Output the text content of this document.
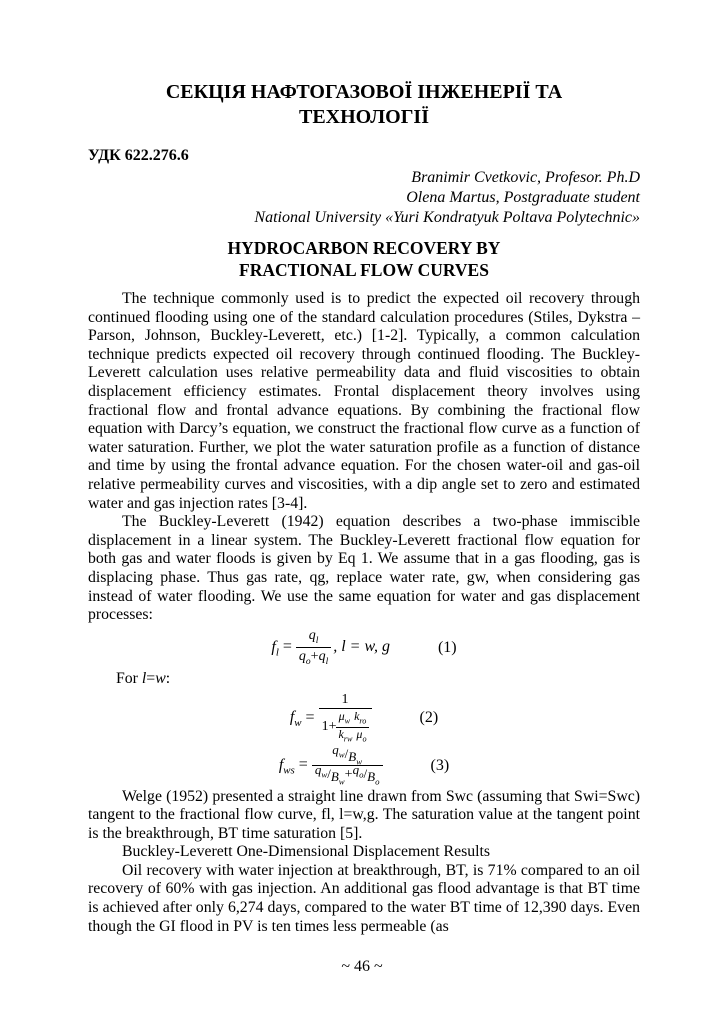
СЕКЦІЯ НАФТОГАЗОВОЇ ІНЖЕНЕРІЇ ТА
ТЕХНОЛОГІЇ
УДК 622.276.6
Branimir Cvetkovic, Profesor. Ph.D
Olena Martus, Postgraduate student
National University «Yuri Kondratyuk Poltava Polytechnic»
HYDROCARBON RECOVERY BY
FRACTIONAL FLOW CURVES

The technique commonly used is to predict the expected oil recovery through continued flooding using one of the standard calculation procedures (Stiles, Dykstra –Parson, Johnson, Buckley-Leverett, etc.) [1-2]. Typically, a common calculation technique predicts expected oil recovery through continued flooding. The Buckley-Leverett calculation uses relative permeability data and fluid viscosities to obtain displacement efficiency estimates. Frontal displacement theory involves using fractional flow and frontal advance equations. By combining the fractional flow equation with Darcy’s equation, we construct the fractional flow curve as a function of water saturation. Further, we plot the water saturation profile as a function of distance and time by using the frontal advance equation. For the chosen water-oil and gas-oil relative permeability curves and viscosities, with a dip angle set to zero and estimated water and gas injection rates [3-4].

The Buckley-Leverett (1942) equation describes a two-phase immiscible displacement in a linear system. The Buckley-Leverett fractional flow equation for both gas and water floods is given by Eq 1. We assume that in a gas flooding, gas is displacing phase. Thus gas rate, qg, replace water rate, gw, when considering gas instead of water flooding. We use the same equation for water and gas displacement processes:

$f_l = \frac{q_l}{q_o+q_l}$ , l = w, g	(1)
For l=w:
$f_w = \frac{1}{1+ \frac{\mu_w k_{ro}}{k_{rw} \mu_o}}$	(2)
$f_{ws} = \frac{q_w/B_w}{q_w/B_w+q_o/B_o}$	(3)

Welge (1952) presented a straight line drawn from Swc (assuming that Swi=Swc) tangent to the fractional flow curve, fl, l=w,g. The saturation value at the tangent point is the breakthrough, BT time saturation [5].

Buckley-Leverett One-Dimensional Displacement Results

Oil recovery with water injection at breakthrough, BT, is 71% compared to an oil recovery of 60% with gas injection. An additional gas flood advantage is that BT time is achieved after only 6,274 days, compared to the water BT time of 12,390 days. Even though the GI flood in PV is ten times less permeable (as

~ 46 ~
